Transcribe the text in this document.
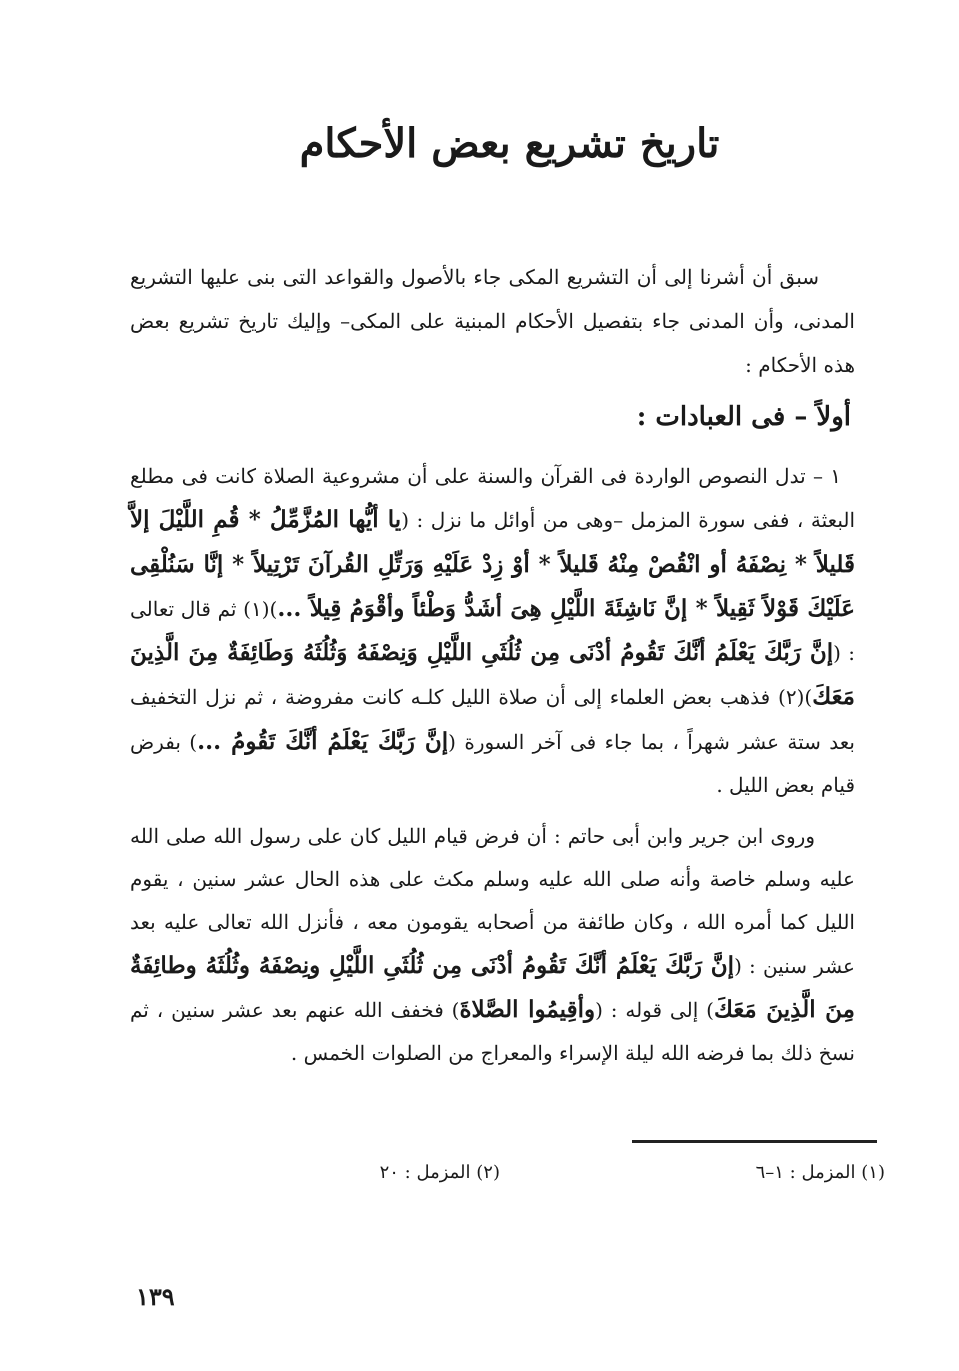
تاريخ تشريع بعض الأحكام

سبق أن أشرنا إلى أن التشريع المكى جاء بالأصول والقواعد التى بنى عليها التشريع المدنى، وأن المدنى جاء بتفصيل الأحكام المبنية على المكى– وإليك تاريخ تشريع بعض هذه الأحكام :

أولاً – فى العبادات :

١ – تدل النصوص الواردة فى القرآن والسنة على أن مشروعية الصلاة كانت فى مطلع البعثة ، ففى سورة المزمل –وهى من أوائل ما نزل : (يا أيُّها المُزَّمِّلُ * قُمِ اللَّيْلَ إلاَّ قَليلاً * نِصْفَهُ أو انْقُصْ مِنْهُ قَليلاً * أوْ زِدْ عَلَيْهِ وَرَتِّلِ القُرآنَ تَرْتِيلاً * إنَّا سَنُلْقِى عَلَيْكَ قَوْلاً ثَقِيلاً * إنَّ نَاشِئَةَ اللَّيْلِ هِىَ أشَدُّ وَطْئاً وأقْوَمُ قِيلاً ...)(١) ثم قال تعالى : (إنَّ رَبَّكَ يَعْلَمُ أنَّكَ تَقُومُ أدْنَى مِن ثُلُثَىِ اللَّيْلِ وَنِصْفَهُ وَثُلُثَهُ وَطَائِفَةٌ مِنَ الَّذِينَ مَعَكَ)(٢) فذهب بعض العلماء إلى أن صلاة الليل كلـه كانت مفروضة ، ثم نزل التخفيف بعد ستة عشر شهراً ، بما جاء فى آخر السورة (إنَّ رَبَّكَ يَعْلَمُ أنَّكَ تَقُومُ ...) بفرض قيام بعض الليل .

وروى ابن جرير وابن أبى حاتم : أن فرض قيام الليل كان على رسول الله صلى الله عليه وسلم خاصة وأنه صلى الله عليه وسلم مكث على هذه الحال عشر سنين ، يقوم الليل كما أمره الله ، وكان طائفة من أصحابه يقومون معه ، فأنزل الله تعالى عليه بعد عشر سنين : (إنَّ رَبَّكَ يَعْلَمُ أنَّكَ تَقُومُ أدْنَى مِن ثُلُثَىِ اللَّيْلِ ونِصْفَهُ وثُلُثَهُ وطائِفَةٌ مِنَ الَّذِينَ مَعَكَ) إلى قوله : (وأقِيمُوا الصَّلاةَ) فخفف الله عنهم بعد عشر سنين ، ثم نسخ ذلك بما فرضه الله ليلة الإسراء والمعراج من الصلوات الخمس .

(١) المزمل : ١–٦
(٢) المزمل : ٢٠
١٣٩
